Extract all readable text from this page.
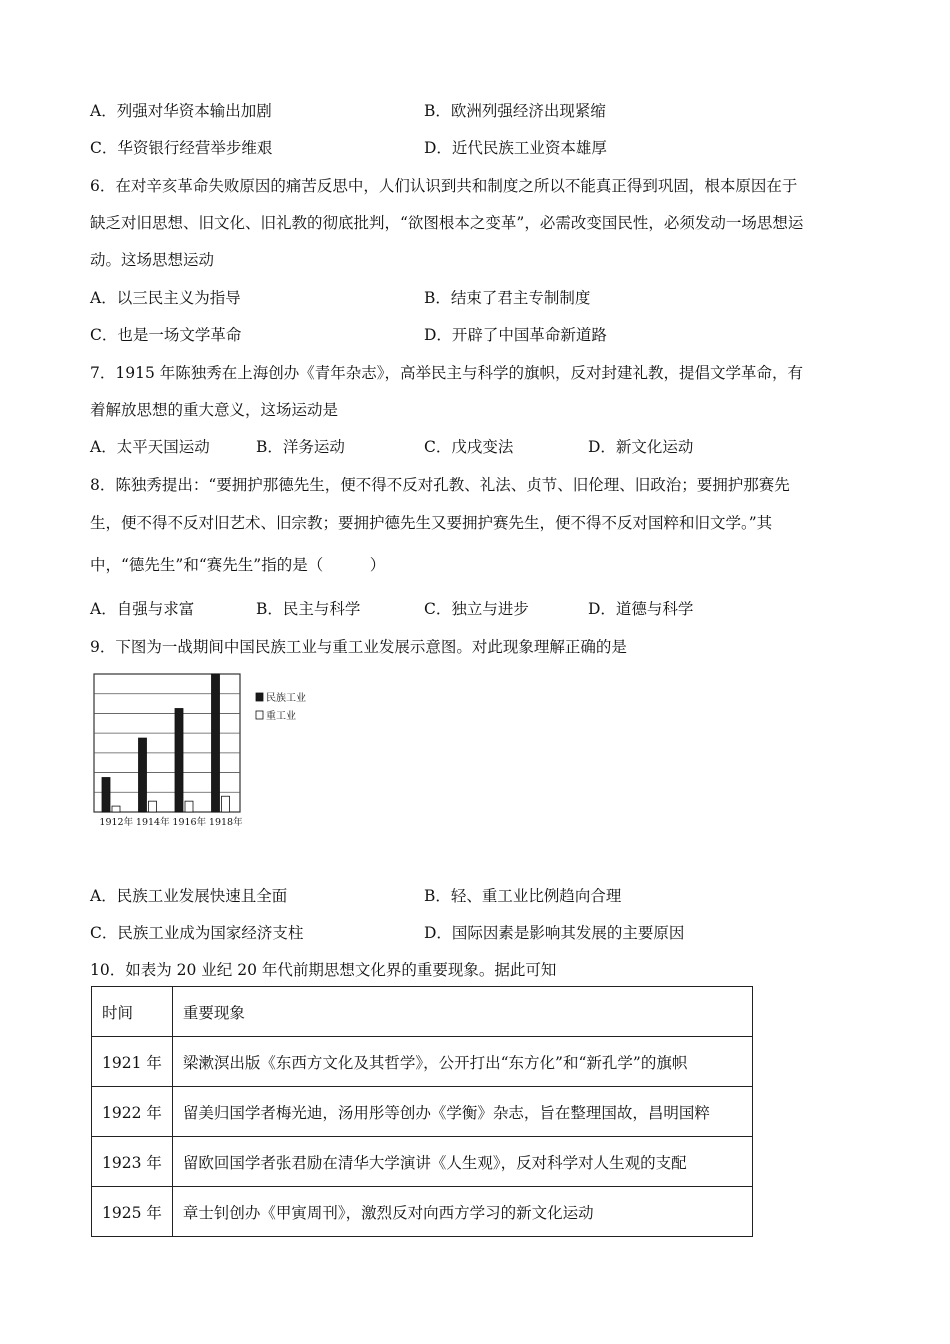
A．列强对华资本输出加剧	B．欧洲列强经济出现紧缩
C．华资银行经营举步维艰	D．近代民族工业资本雄厚
6．在对辛亥革命失败原因的痛苦反思中，人们认识到共和制度之所以不能真正得到巩固，根本原因在于
缺乏对旧思想、旧文化、旧礼教的彻底批判，“欲图根本之变革”，必需改变国民性，必须发动一场思想运
动。这场思想运动
A．以三民主义为指导	B．结束了君主专制制度
C．也是一场文学革命	D．开辟了中国革命新道路
7．1915 年陈独秀在上海创办《青年杂志》，高举民主与科学的旗帜，反对封建礼教，提倡文学革命，有
着解放思想的重大意义，这场运动是
A．太平天国运动	B．洋务运动	C．戊戌变法	D．新文化运动
8．陈独秀提出：“要拥护那德先生，便不得不反对孔教、礼法、贞节、旧伦理、旧政治；要拥护那赛先
生，便不得不反对旧艺术、旧宗教；要拥护德先生又要拥护赛先生，便不得不反对国粹和旧文学。”其
中，“德先生”和“赛先生”指的是（　　　）
A．自强与求富	B．民主与科学	C．独立与进步	D．道德与科学
9．下图为一战期间中国民族工业与重工业发展示意图。对此现象理解正确的是
1912年 1914年 1916年 1918年
民族工业
重工业
A．民族工业发展快速且全面	B．轻、重工业比例趋向合理
C．民族工业成为国家经济支柱	D．国际因素是影响其发展的主要原因
10．如表为 20 业纪 20 年代前期思想文化界的重要现象。据此可知
时间	重要现象
1921 年	梁漱溟出版《东西方文化及其哲学》，公开打出“东方化”和“新孔学”的旗帜
1922 年	留美归国学者梅光迪，汤用彤等创办《学衡》杂志，旨在整理国故，昌明国粹
1923 年	留欧回国学者张君励在清华大学演讲《人生观》，反对科学对人生观的支配
1925 年	章士钊创办《甲寅周刊》，激烈反对向西方学习的新文化运动
